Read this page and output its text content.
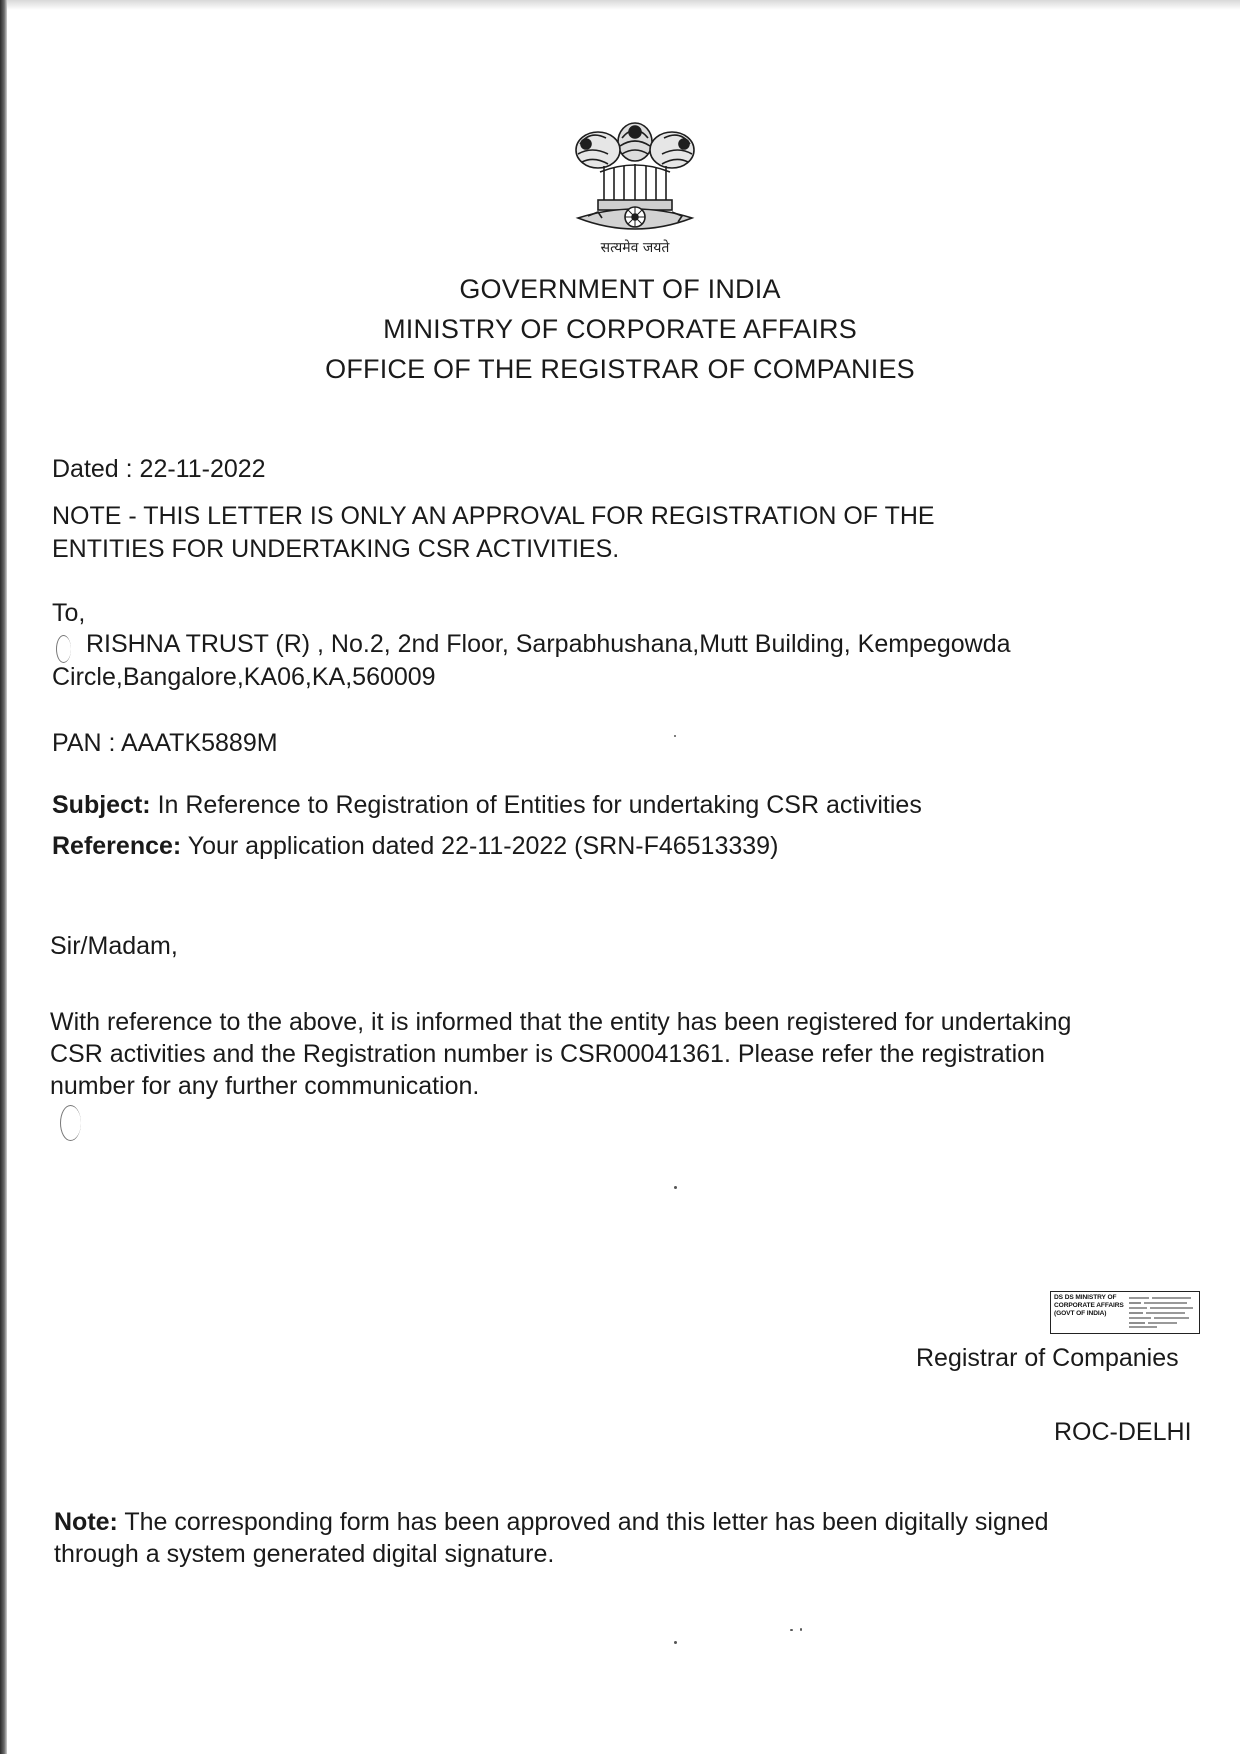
सत्यमेव जयते
GOVERNMENT OF INDIA
MINISTRY OF CORPORATE AFFAIRS
OFFICE OF THE REGISTRAR OF COMPANIES
Dated : 22-11-2022
NOTE - THIS LETTER IS ONLY AN APPROVAL FOR REGISTRATION OF THE
ENTITIES FOR UNDERTAKING CSR ACTIVITIES.
To,
RISHNA TRUST (R) , No.2, 2nd Floor, Sarpabhushana,Mutt Building, Kempegowda
Circle,Bangalore,KA06,KA,560009
PAN : AAATK5889M
Subject: In Reference to Registration of Entities for undertaking CSR activities
Reference: Your application dated 22-11-2022 (SRN-F46513339)
Sir/Madam,
With reference to the above, it is informed that the entity has been registered for undertaking
CSR activities and the Registration number is CSR00041361. Please refer the registration
number for any further communication.
DS DS MINISTRY OF CORPORATE AFFAIRS (GOVT OF INDIA)
Registrar of Companies
ROC-DELHI
Note: The corresponding form has been approved and this letter has been digitally signed
through a system generated digital signature.
